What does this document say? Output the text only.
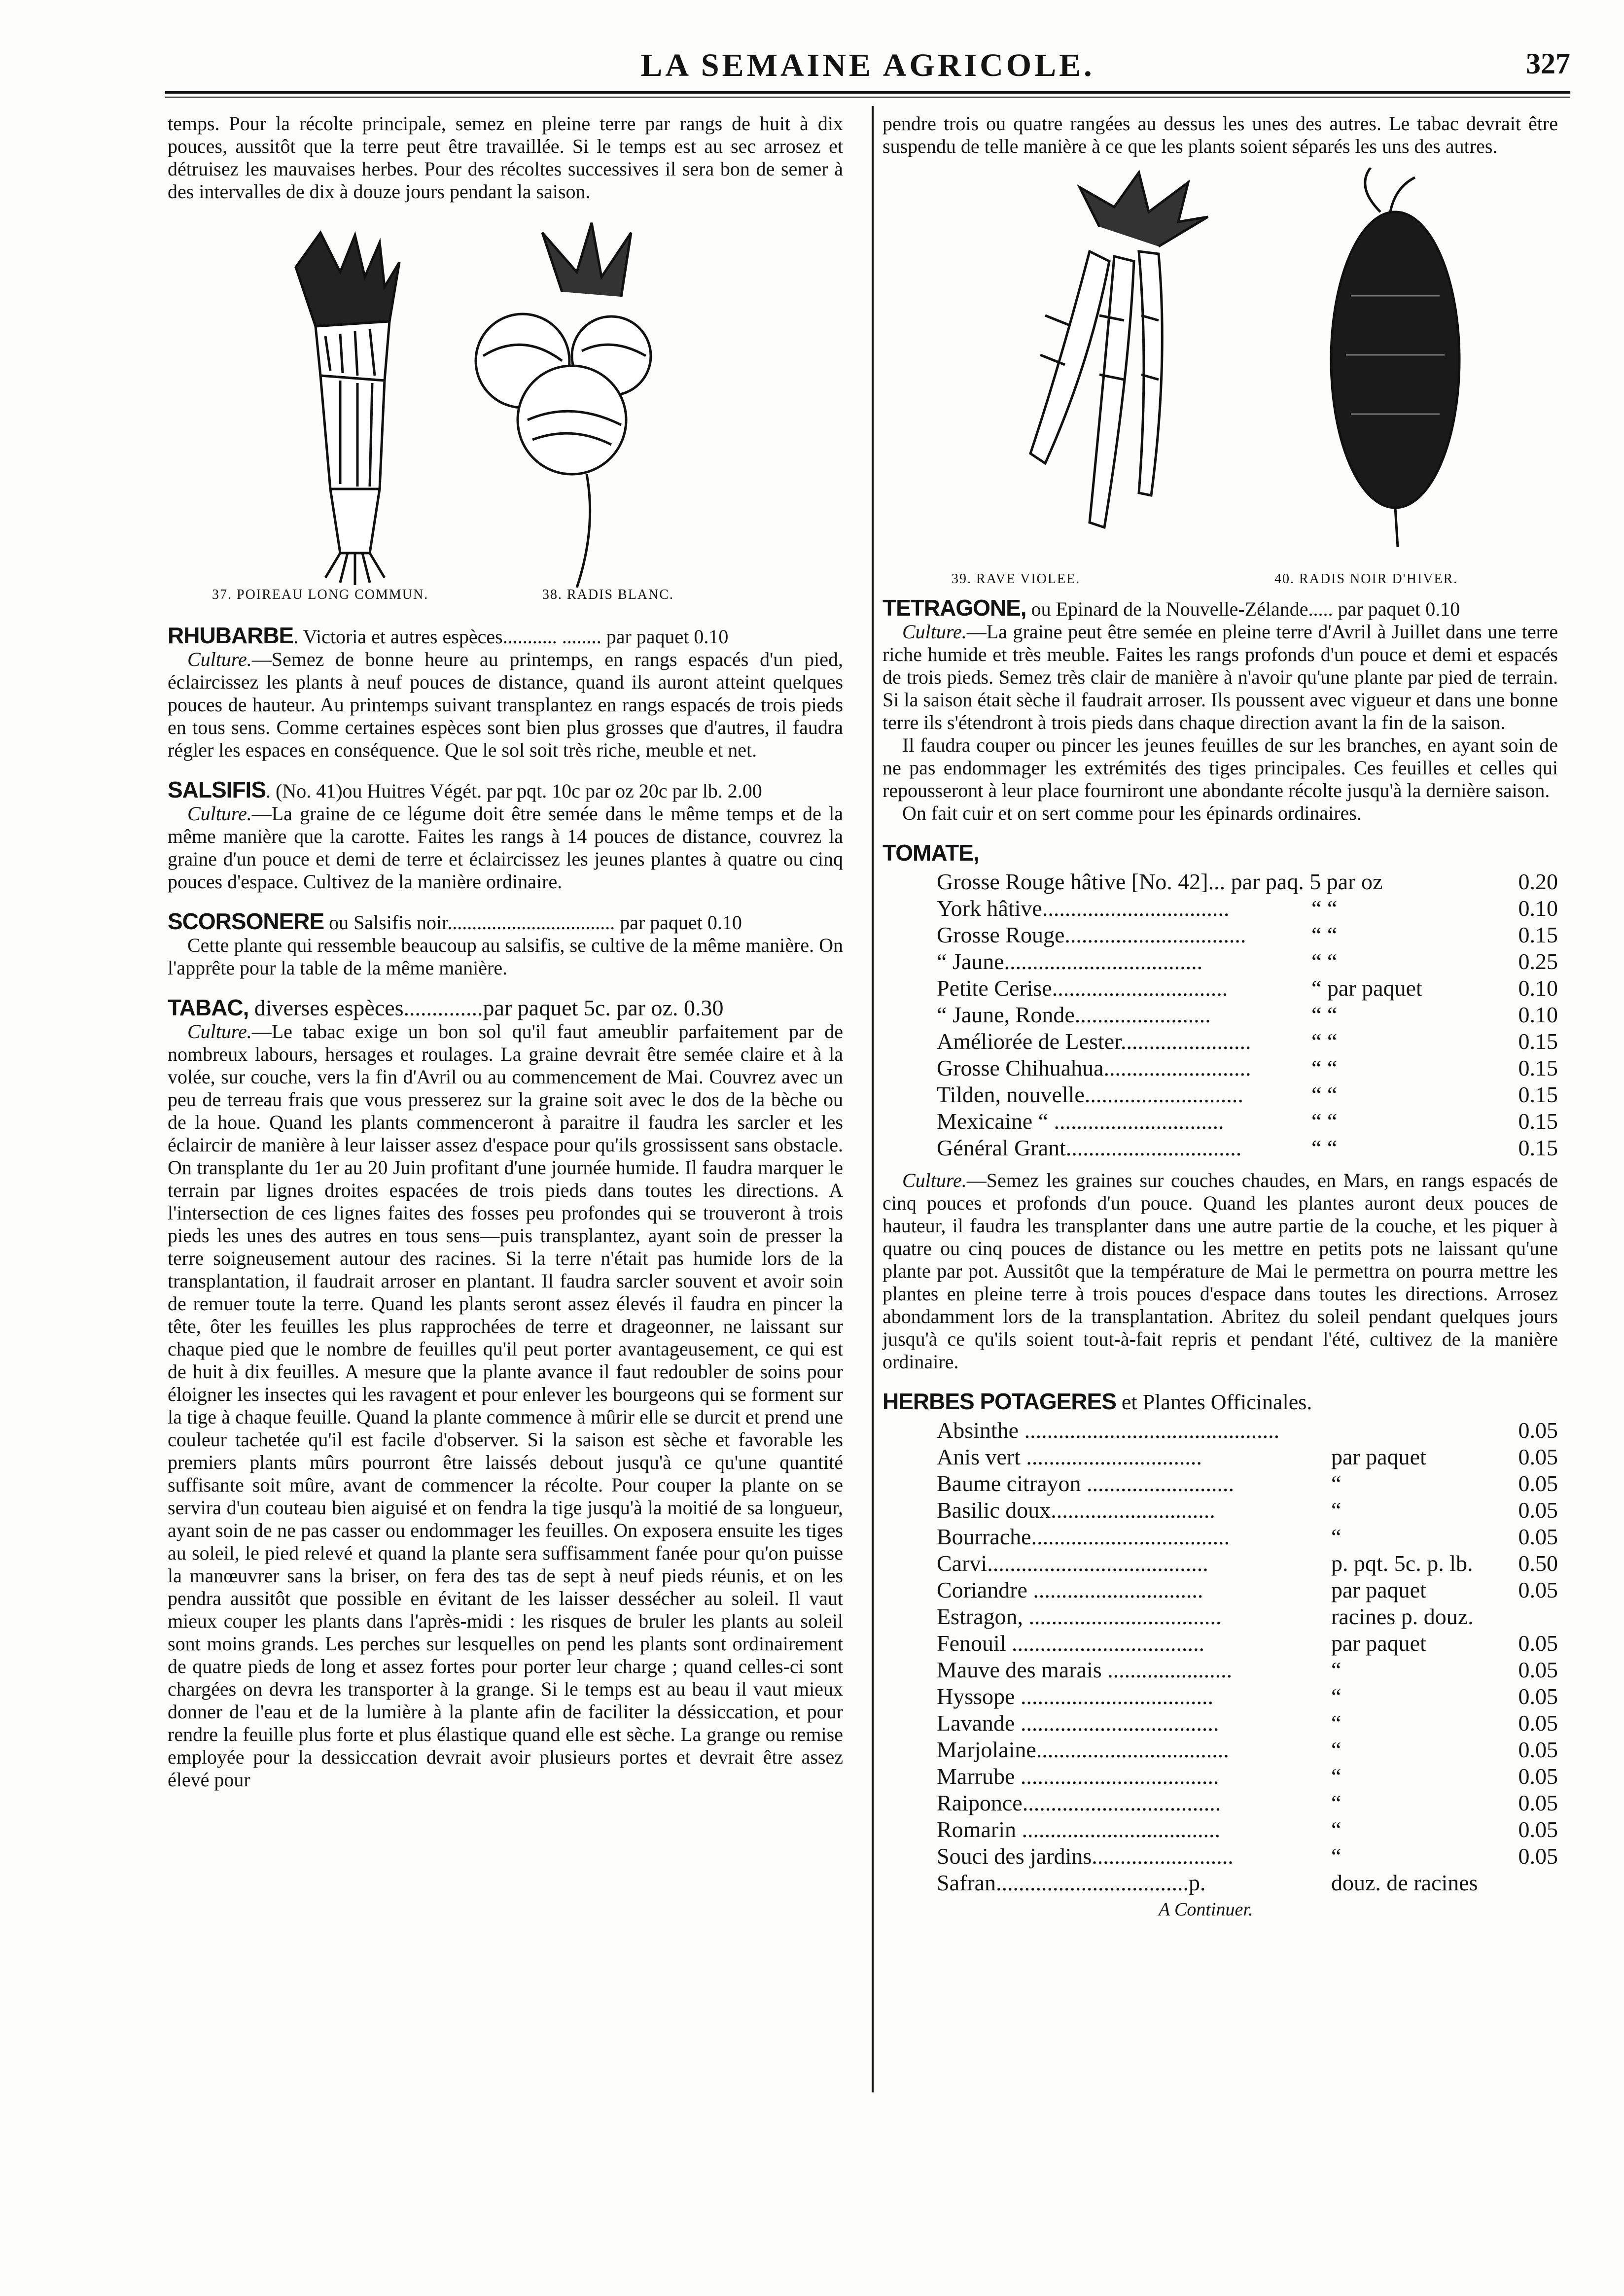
LA SEMAINE AGRICOLE.	327

temps. Pour la récolte principale, semez en pleine terre par rangs de huit à dix pouces, aussitôt que la terre peut être travaillée. Si le temps est au sec arrosez et détruisez les mauvaises herbes. Pour des récoltes successives il sera bon de semer à des intervalles de dix à douze jours pendant la saison.

37. POIREAU LONG COMMUN.	38. RADIS BLANC.

RHUBARBE. Victoria et autres espèces........... ........ par paquet 0.10

Culture.—Semez de bonne heure au printemps, en rangs espacés d'un pied, éclaircissez les plants à neuf pouces de distance, quand ils auront atteint quelques pouces de hauteur. Au printemps suivant transplantez en rangs espacés de trois pieds en tous sens. Comme certaines espèces sont bien plus grosses que d'autres, il faudra régler les espaces en conséquence. Que le sol soit très riche, meuble et net.

SALSIFIS. (No. 41)ou Huitres Végét. par pqt. 10c par oz 20c par lb. 2.00

Culture.—La graine de ce légume doit être semée dans le même temps et de la même manière que la carotte. Faites les rangs à 14 pouces de distance, couvrez la graine d'un pouce et demi de terre et éclaircissez les jeunes plantes à quatre ou cinq pouces d'espace. Cultivez de la manière ordinaire.

SCORSONERE ou Salsifis noir.................................. par paquet 0.10

Cette plante qui ressemble beaucoup au salsifis, se cultive de la même manière. On l'apprête pour la table de la même manière.

TABAC, diverses espèces..............par paquet 5c. par oz. 0.30

Culture.—Le tabac exige un bon sol qu'il faut ameublir parfaitement par de nombreux labours, hersages et roulages. La graine devrait être semée claire et à la volée, sur couche, vers la fin d'Avril ou au commencement de Mai. Couvrez avec un peu de terreau frais que vous presserez sur la graine soit avec le dos de la bèche ou de la houe. Quand les plants commenceront à paraitre il faudra les sarcler et les éclaircir de manière à leur laisser assez d'espace pour qu'ils grossissent sans obstacle. On transplante du 1er au 20 Juin profitant d'une journée humide. Il faudra marquer le terrain par lignes droites espacées de trois pieds dans toutes les directions. A l'intersection de ces lignes faites des fosses peu profondes qui se trouveront à trois pieds les unes des autres en tous sens—puis transplantez, ayant soin de presser la terre soigneusement autour des racines. Si la terre n'était pas humide lors de la transplantation, il faudrait arroser en plantant. Il faudra sarcler souvent et avoir soin de remuer toute la terre. Quand les plants seront assez élevés il faudra en pincer la tête, ôter les feuilles les plus rapprochées de terre et drageonner, ne laissant sur chaque pied que le nombre de feuilles qu'il peut porter avantageusement, ce qui est de huit à dix feuilles. A mesure que la plante avance il faut redoubler de soins pour éloigner les insectes qui les ravagent et pour enlever les bourgeons qui se forment sur la tige à chaque feuille. Quand la plante commence à mûrir elle se durcit et prend une couleur tachetée qu'il est facile d'observer. Si la saison est sèche et favorable les premiers plants mûrs pourront être laissés debout jusqu'à ce qu'une quantité suffisante soit mûre, avant de commencer la récolte. Pour couper la plante on se servira d'un couteau bien aiguisé et on fendra la tige jusqu'à la moitié de sa longueur, ayant soin de ne pas casser ou endommager les feuilles. On exposera ensuite les tiges au soleil, le pied relevé et quand la plante sera suffisamment fanée pour qu'on puisse la manœuvrer sans la briser, on fera des tas de sept à neuf pieds réunis, et on les pendra aussitôt que possible en évitant de les laisser dessécher au soleil. Il vaut mieux couper les plants dans l'après-midi : les risques de bruler les plants au soleil sont moins grands. Les perches sur lesquelles on pend les plants sont ordinairement de quatre pieds de long et assez fortes pour porter leur charge ; quand celles-ci sont chargées on devra les transporter à la grange. Si le temps est au beau il vaut mieux donner de l'eau et de la lumière à la plante afin de faciliter la déssiccation, et pour rendre la feuille plus forte et plus élastique quand elle est sèche. La grange ou remise employée pour la dessiccation devrait avoir plusieurs portes et devrait être assez élevé pour

pendre trois ou quatre rangées au dessus les unes des autres. Le tabac devrait être suspendu de telle manière à ce que les plants soient séparés les uns des autres.

39. RAVE VIOLEE.	40. RADIS NOIR D'HIVER.

TETRAGONE, ou Epinard de la Nouvelle-Zélande..... par paquet 0.10

Culture.—La graine peut être semée en pleine terre d'Avril à Juillet dans une terre riche humide et très meuble. Faites les rangs profonds d'un pouce et demi et espacés de trois pieds. Semez très clair de manière à n'avoir qu'une plante par pied de terrain. Si la saison était sèche il faudrait arroser. Ils poussent avec vigueur et dans une bonne terre ils s'étendront à trois pieds dans chaque direction avant la fin de la saison.

Il faudra couper ou pincer les jeunes feuilles de sur les branches, en ayant soin de ne pas endommager les extrémités des tiges principales. Ces feuilles et celles qui repousseront à leur place fourniront une abondante récolte jusqu'à la dernière saison.

On fait cuir et on sert comme pour les épinards ordinaires.

TOMATE,

Grosse Rouge hâtive [No. 42]... par paq. 5 par oz	0.20
York hâtive.................................	“ “	0.10
Grosse Rouge................................	“ “	0.15
“ Jaune...................................	“ “	0.25
Petite Cerise...............................	“ par paquet	0.10
“ Jaune, Ronde........................	“ “	0.10
Améliorée de Lester.......................	“ “	0.15
Grosse Chihuahua..........................	“ “	0.15
Tilden, nouvelle............................	“ “	0.15
Mexicaine “ ..............................	“ “	0.15
Général Grant...............................	“ “	0.15

Culture.—Semez les graines sur couches chaudes, en Mars, en rangs espacés de cinq pouces et profonds d'un pouce. Quand les plantes auront deux pouces de hauteur, il faudra les transplanter dans une autre partie de la couche, et les piquer à quatre ou cinq pouces de distance ou les mettre en petits pots ne laissant qu'une plante par pot. Aussitôt que la température de Mai le permettra on pourra mettre les plantes en pleine terre à trois pouces d'espace dans toutes les directions. Arrosez abondamment lors de la transplantation. Abritez du soleil pendant quelques jours jusqu'à ce qu'ils soient tout-à-fait repris et pendant l'été, cultivez de la manière ordinaire.

HERBES POTAGERES et Plantes Officinales.

Absinthe .............................................	0.05
Anis vert ...............................	par paquet	0.05
Baume citrayon ..........................	“	0.05
Basilic doux.............................	“	0.05
Bourrache...................................	“	0.05
Carvi.......................................	p. pqt. 5c. p. lb. 0.50
Coriandre ..............................	par paquet	0.05
Estragon, ..................................	racines p. douz.
Fenouil ..................................	par paquet	0.05
Mauve des marais ......................	“	0.05
Hyssope ..................................	“	0.05
Lavande ...................................	“	0.05
Marjolaine..................................	“	0.05
Marrube ...................................	“	0.05
Raiponce...................................	“	0.05
Romarin ...................................	“	0.05
Souci des jardins.........................	“	0.05
Safran..................................p.	douz. de racines
A Continuer.
